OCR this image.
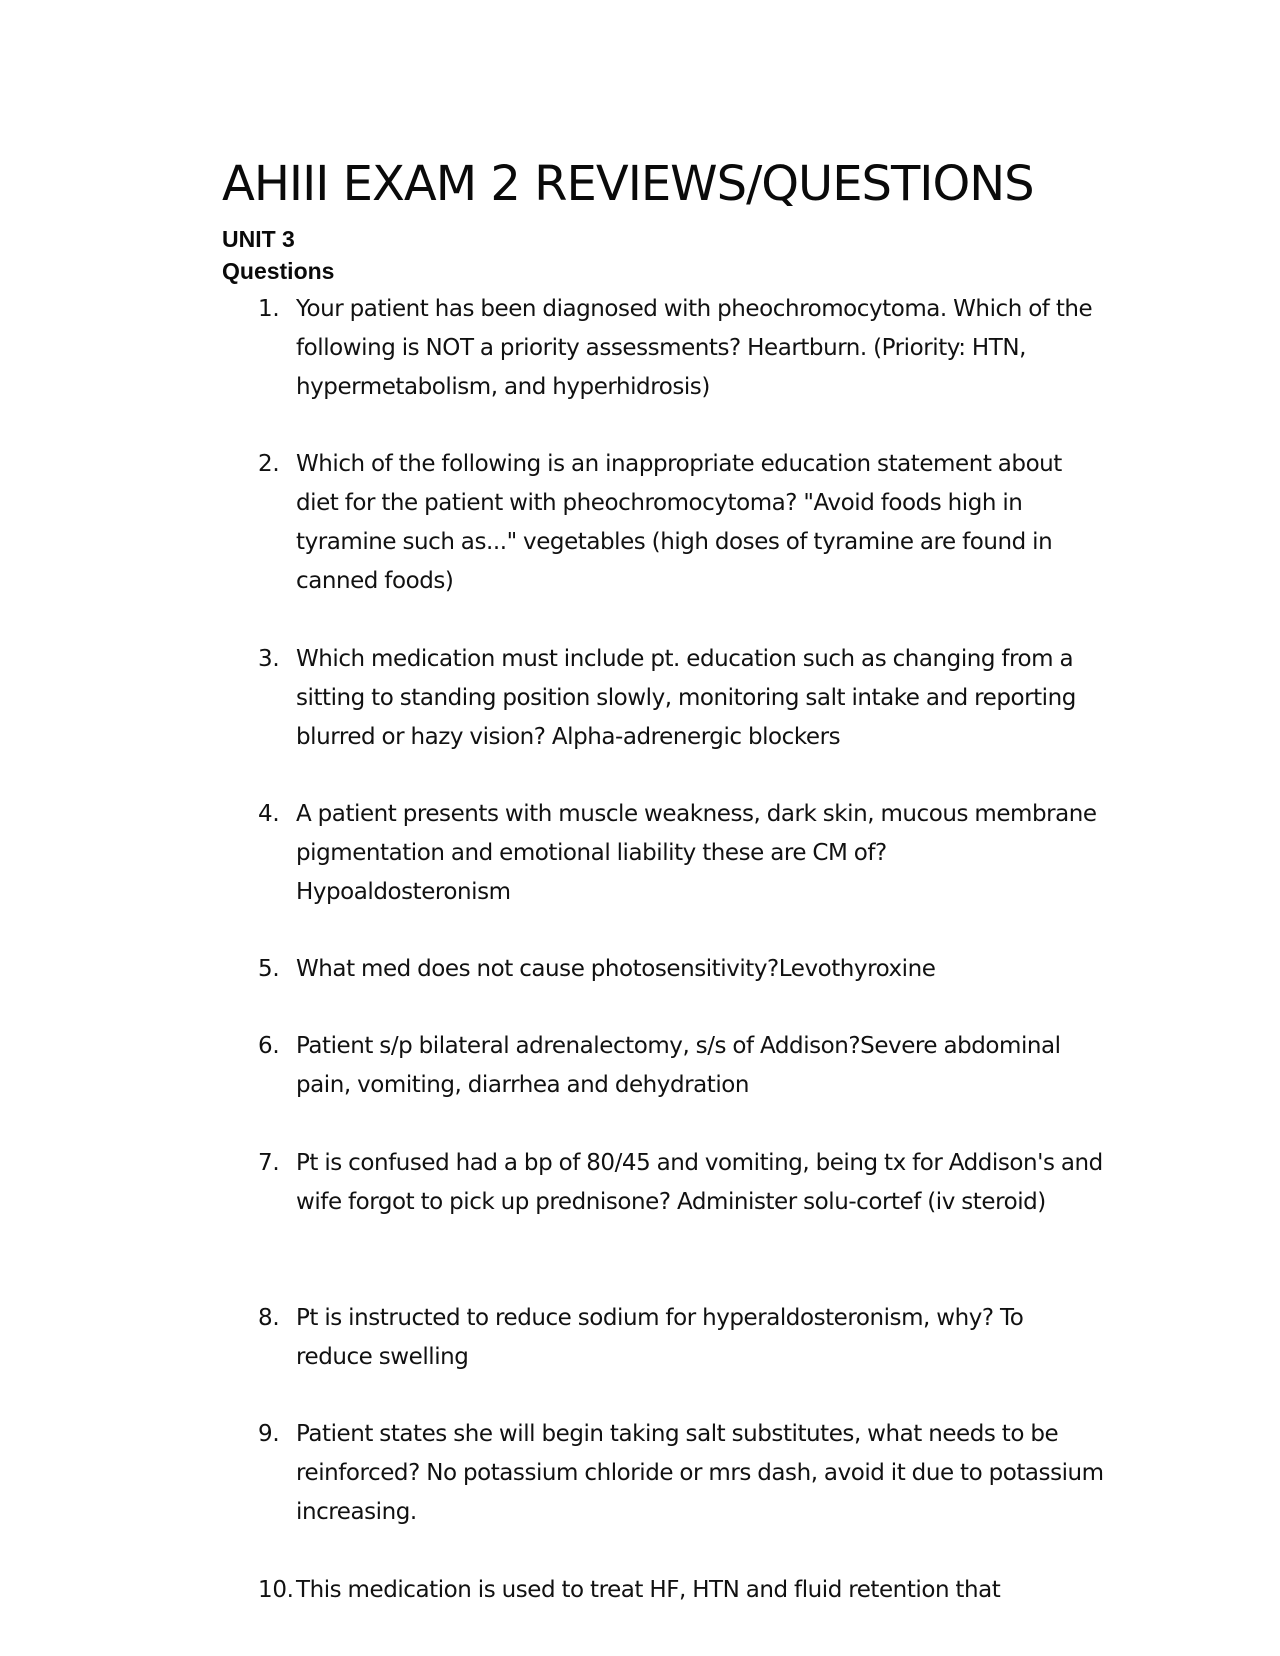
AHIII EXAM 2 REVIEWS/QUESTIONS
UNIT 3
Questions
1. Your patient has been diagnosed with pheochromocytoma. Which of the following is NOT a priority assessments? Heartburn. (Priority: HTN, hypermetabolism, and hyperhidrosis)
2. Which of the following is an inappropriate education statement about diet for the patient with pheochromocytoma? "Avoid foods high in tyramine such as..." vegetables (high doses of tyramine are found in canned foods)
3. Which medication must include pt. education such as changing from a sitting to standing position slowly, monitoring salt intake and reporting blurred or hazy vision? Alpha-adrenergic blockers
4. A patient presents with muscle weakness, dark skin, mucous membrane pigmentation and emotional liability these are CM of? Hypoaldosteronism
5. What med does not cause photosensitivity?Levothyroxine
6. Patient s/p bilateral adrenalectomy, s/s of Addison?Severe abdominal pain, vomiting, diarrhea and dehydration
7. Pt is confused had a bp of 80/45 and vomiting, being tx for Addison's and wife forgot to pick up prednisone? Administer solu-cortef (iv steroid)
8. Pt is instructed to reduce sodium for hyperaldosteronism, why? To reduce swelling
9. Patient states she will begin taking salt substitutes, what needs to be reinforced? No potassium chloride or mrs dash, avoid it due to potassium increasing.
10. This medication is used to treat HF, HTN and fluid retention that
